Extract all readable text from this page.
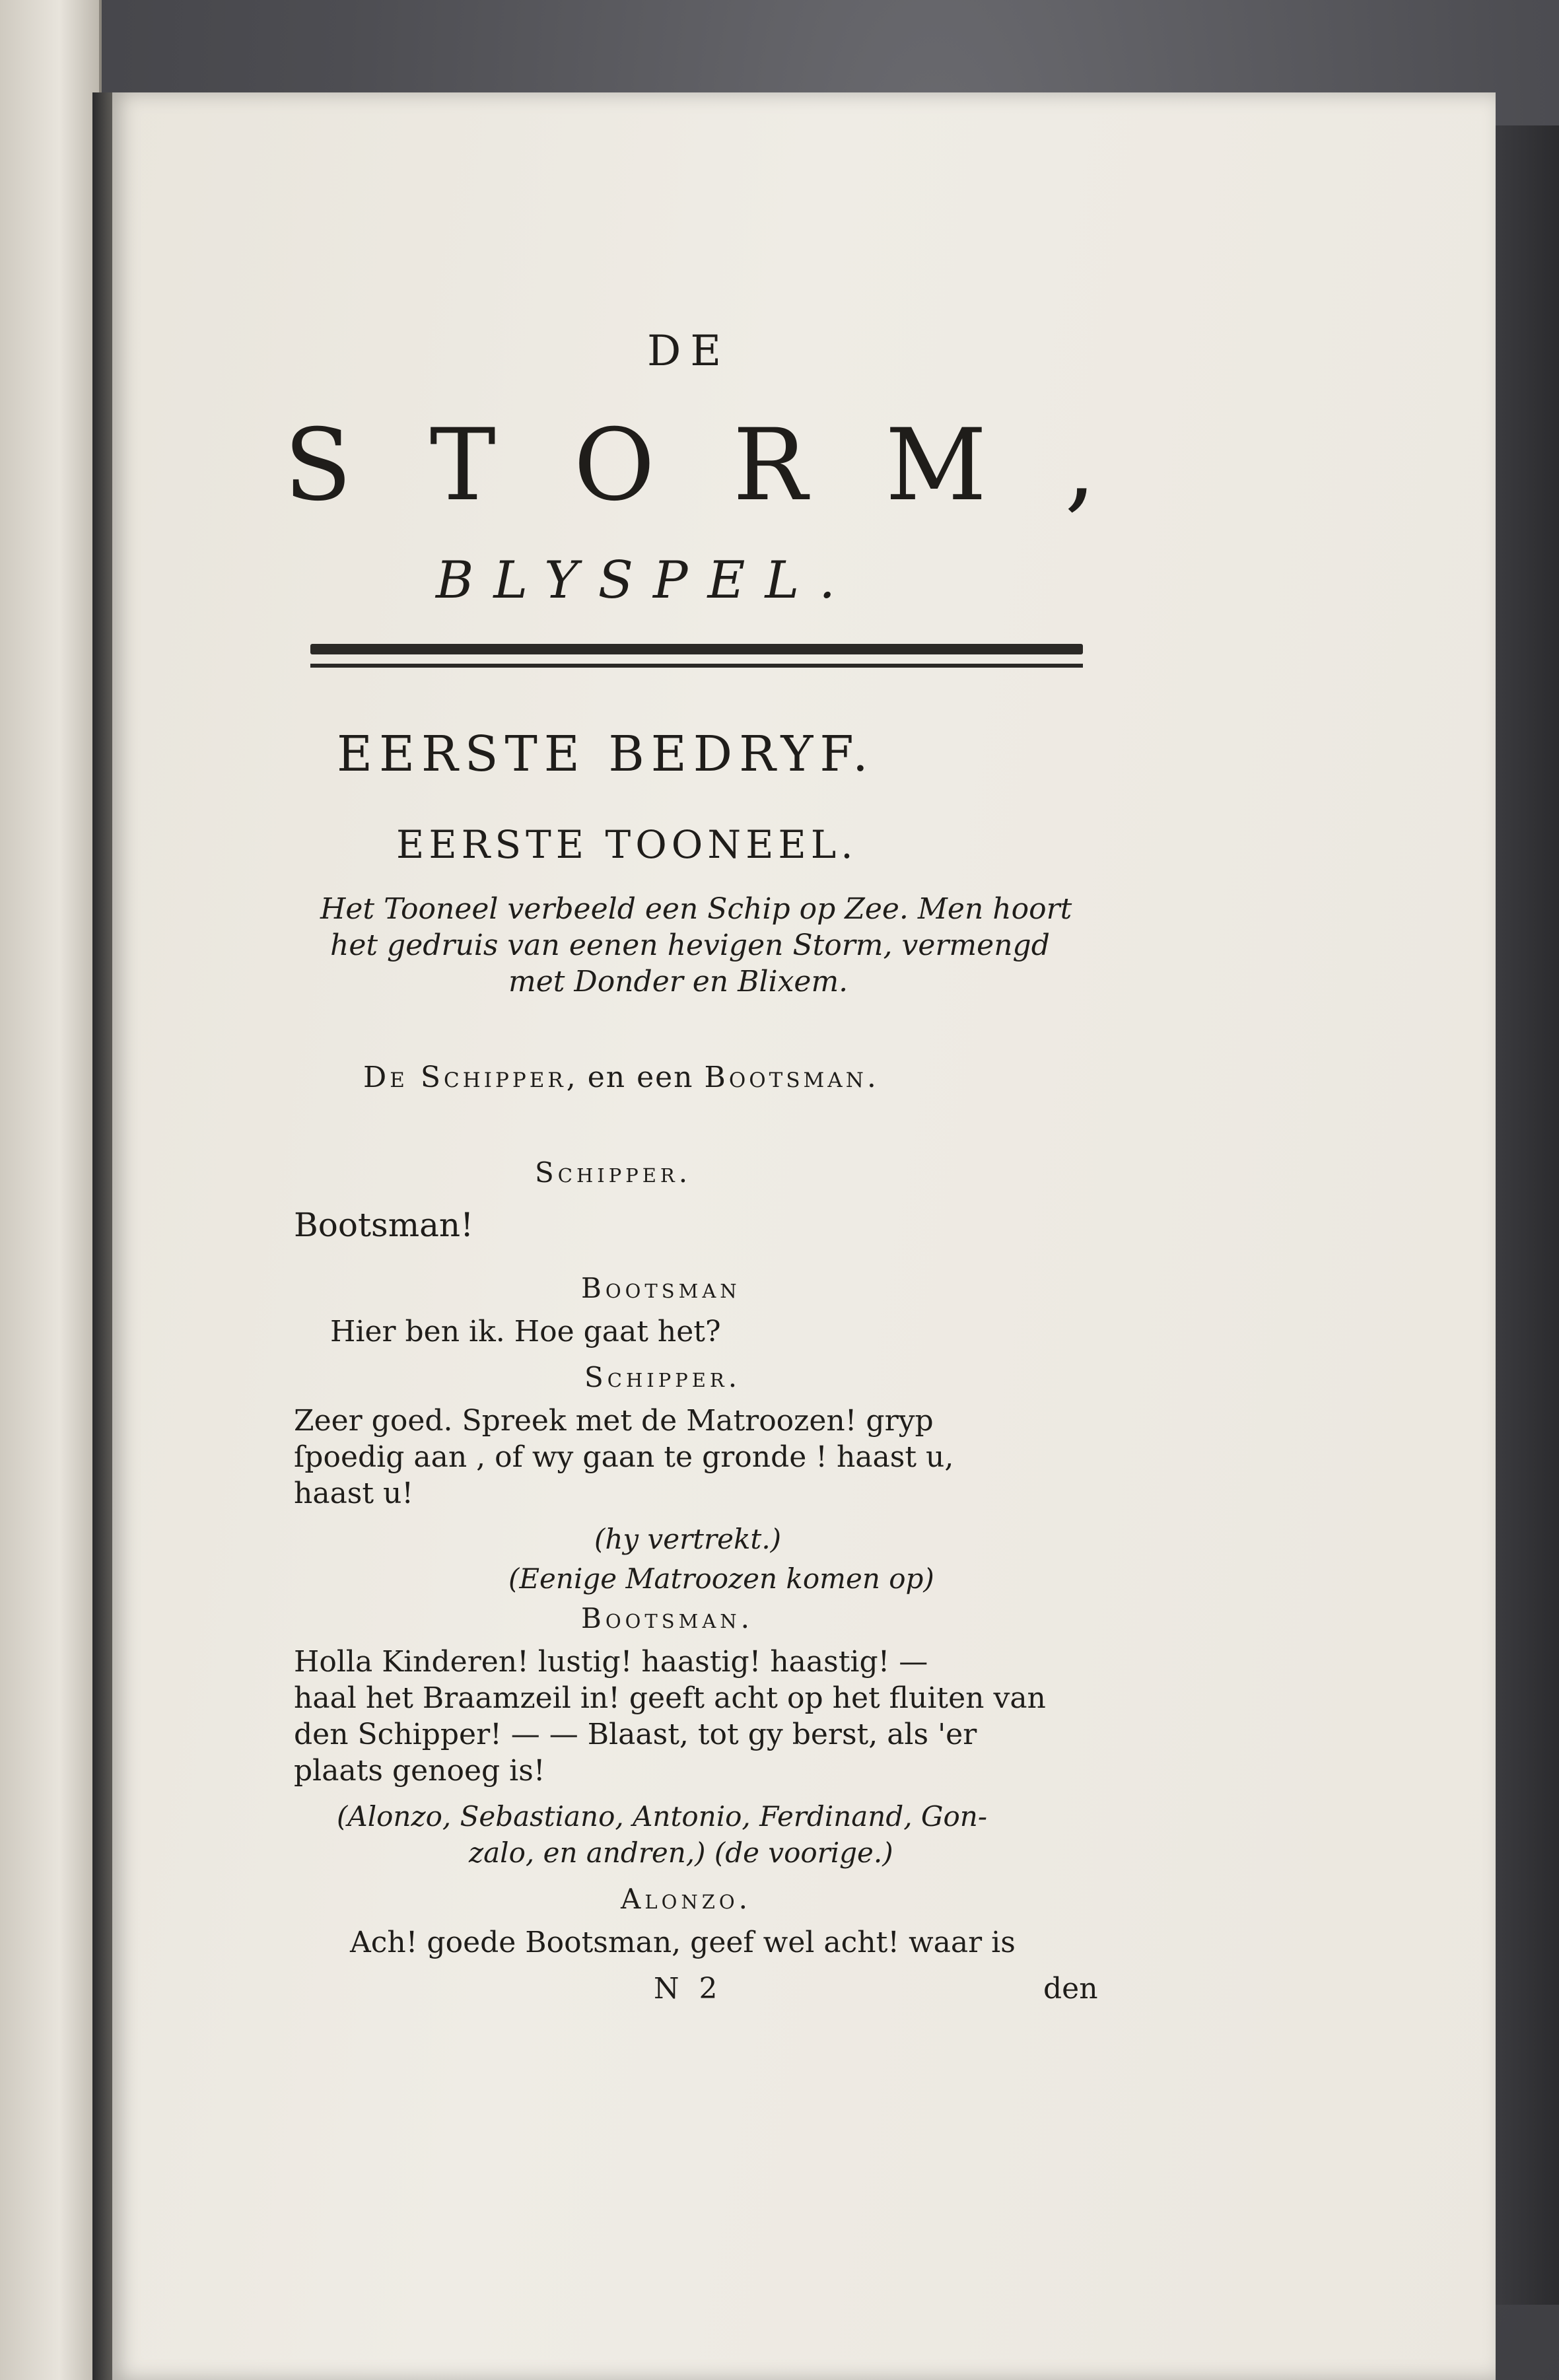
DE
STORM,
BLYSPEL.
EERSTE BEDRYF.
EERSTE TOONEEL.
Het Tooneel verbeeld een Schip op Zee. Men hoort
het gedruis van eenen hevigen Storm, vermengd
met Donder en Blixem.
De Schipper, en een Bootsman.
Schipper.
Bootsman!
Bootsman
Hier ben ik. Hoe gaat het?
Schipper.
Zeer goed. Spreek met de Matroozen! gryp
ſpoedig aan , of wy gaan te gronde ! haast u,
haast u!
(hy vertrekt.)
(Eenige Matroozen komen op)
Bootsman.
Holla Kinderen! lustig! haastig! haastig! —
haal het Braamzeil in! geeft acht op het fluiten van
den Schipper! — — Blaast, tot gy berst, als 'er
plaats genoeg is!
(Alonzo, Sebastiano, Antonio, Ferdinand, Gon-
zalo, en andren,) (de voorige.)
Alonzo.
Ach! goede Bootsman, geef wel acht! waar is
N 2	den
